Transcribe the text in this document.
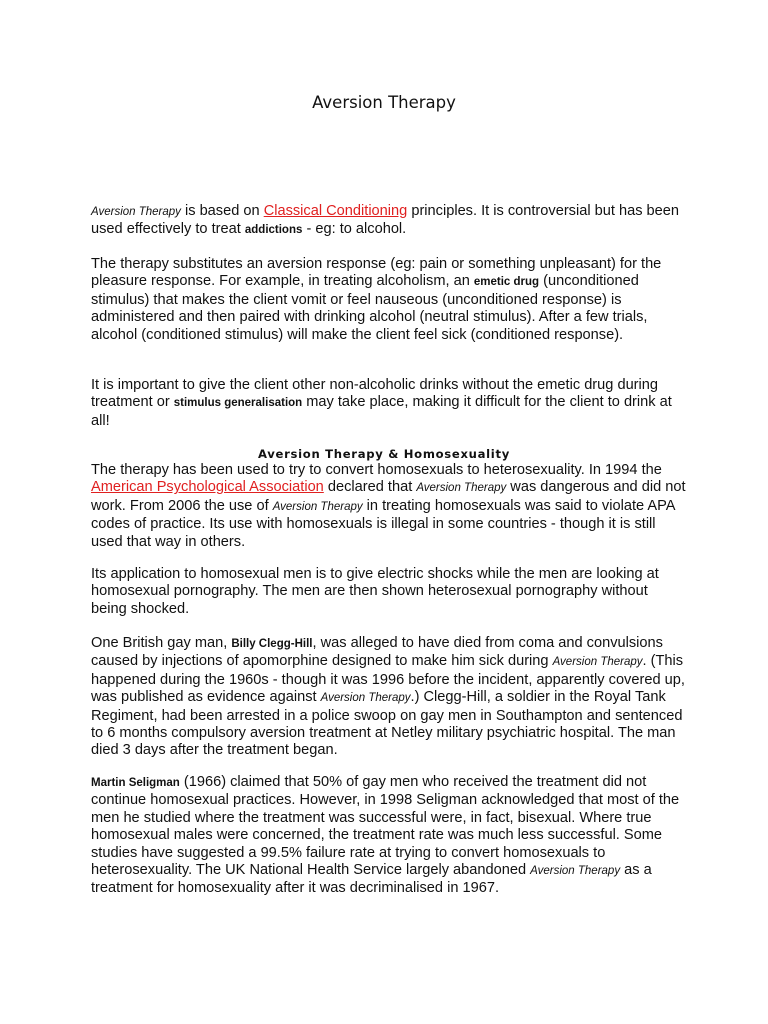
Aversion Therapy

Aversion Therapy is based on Classical Conditioning principles. It is controversial but has been used effectively to treat addictions - eg: to alcohol.

The therapy substitutes an aversion response (eg: pain or something unpleasant) for the pleasure response. For example, in treating alcoholism, an emetic drug (unconditioned stimulus) that makes the client vomit or feel nauseous (unconditioned response) is administered and then paired with drinking alcohol (neutral stimulus). After a few trials, alcohol (conditioned stimulus) will make the client feel sick (conditioned response).

It is important to give the client other non-alcoholic drinks without the emetic drug during treatment or stimulus generalisation may take place, making it difficult for the client to drink at all!

Aversion Therapy & Homosexuality

The therapy has been used to try to convert homosexuals to heterosexuality. In 1994 the American Psychological Association declared that Aversion Therapy was dangerous and did not work. From 2006 the use of Aversion Therapy in treating homosexuals was said to violate APA codes of practice. Its use with homosexuals is illegal in some countries - though it is still used that way in others.

Its application to homosexual men is to give electric shocks while the men are looking at homosexual pornography. The men are then shown heterosexual pornography without being shocked.

One British gay man, Billy Clegg-Hill, was alleged to have died from coma and convulsions caused by injections of apomorphine designed to make him sick during Aversion Therapy. (This happened during the 1960s - though it was 1996 before the incident, apparently covered up, was published as evidence against Aversion Therapy.) Clegg-Hill, a soldier in the Royal Tank Regiment, had been arrested in a police swoop on gay men in Southampton and sentenced to 6 months compulsory aversion treatment at Netley military psychiatric hospital. The man died 3 days after the treatment began.

Martin Seligman (1966) claimed that 50% of gay men who received the treatment did not continue homosexual practices. However, in 1998 Seligman acknowledged that most of the men he studied where the treatment was successful were, in fact, bisexual. Where true homosexual males were concerned, the treatment rate was much less successful. Some studies have suggested a 99.5% failure rate at trying to convert homosexuals to heterosexuality. The UK National Health Service largely abandoned Aversion Therapy as a treatment for homosexuality after it was decriminalised in 1967.
